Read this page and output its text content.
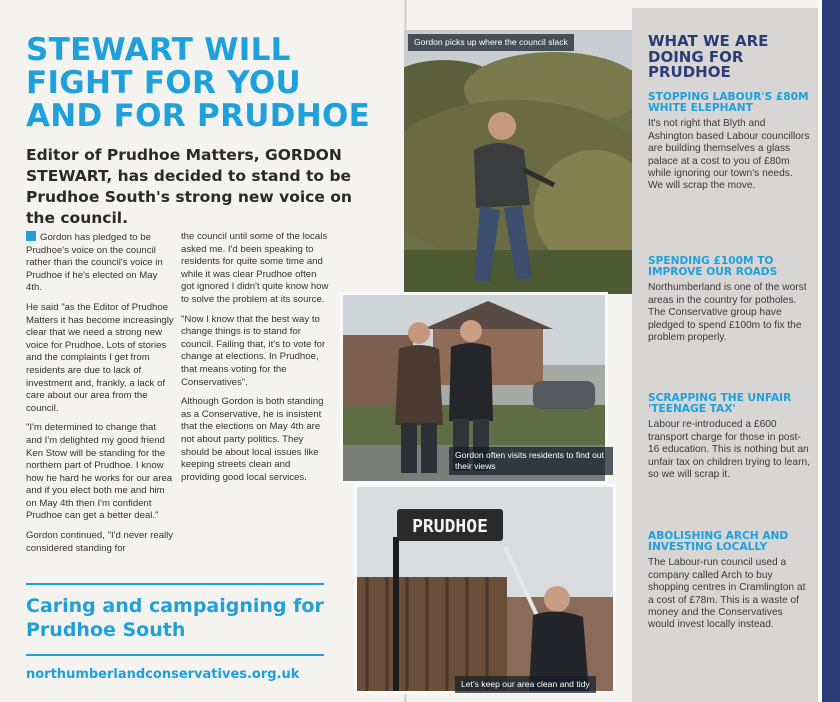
STEWART WILL FIGHT FOR YOU AND FOR PRUDHOE

Editor of Prudhoe Matters, GORDON STEWART, has decided to stand to be Prudhoe South's strong new voice on the council.

Gordon has pledged to be Prudhoe's voice on the council rather than the council's voice in Prudhoe if he's elected on May 4th.

He said "as the Editor of Prudhoe Matters it has become increasingly clear that we need a strong new voice for Prudhoe. Lots of stories and the complaints I get from residents are due to lack of investment and, frankly, a lack of care about our area from the council.

"I'm determined to change that and I'm delighted my good friend Ken Stow will be standing for the northern part of Prudhoe. I know how he hard he works for our area and if you elect both me and him on May 4th then I'm confident Prudhoe can get a better deal."

Gordon continued, "I'd never really considered standing for

the council until some of the locals asked me. I'd been speaking to residents for quite some time and while it was clear Prudhoe often got ignored I didn't quite know how to solve the problem at its source.

"Now I know that the best way to change things is to stand for council. Failing that, it's to vote for change at elections. In Prudhoe, that means voting for the Conservatives".

Although Gordon is both standing as a Conservative, he is insistent that the elections on May 4th are not about party politics. They should be about local issues like keeping streets clean and providing good local services.

Caring and campaigning for Prudhoe South

northumberlandconservatives.org.uk

Gordon picks up where the council slack
Gordon often visits residents to find out their views
PRUDHOE
Let's keep our area clean and tidy
WHAT WE ARE DOING FOR PRUDHOE
STOPPING LABOUR'S £80M WHITE ELEPHANT

It's not right that Blyth and Ashington based Labour councillors are building themselves a glass palace at a cost to you of £80m while ignoring our town's needs. We will scrap the move.

SPENDING £100M TO IMPROVE OUR ROADS

Northumberland is one of the worst areas in the country for potholes. The Conservative group have pledged to spend £100m to fix the problem properly.

SCRAPPING THE UNFAIR 'TEENAGE TAX'

Labour re-introduced a £600 transport charge for those in post-16 education. This is nothing but an unfair tax on children trying to learn, so we will scrap it.

ABOLISHING ARCH AND INVESTING LOCALLY

The Labour-run council used a company called Arch to buy shopping centres in Cramlington at a cost of £78m. This is a waste of money and the Conservatives would invest locally instead.
